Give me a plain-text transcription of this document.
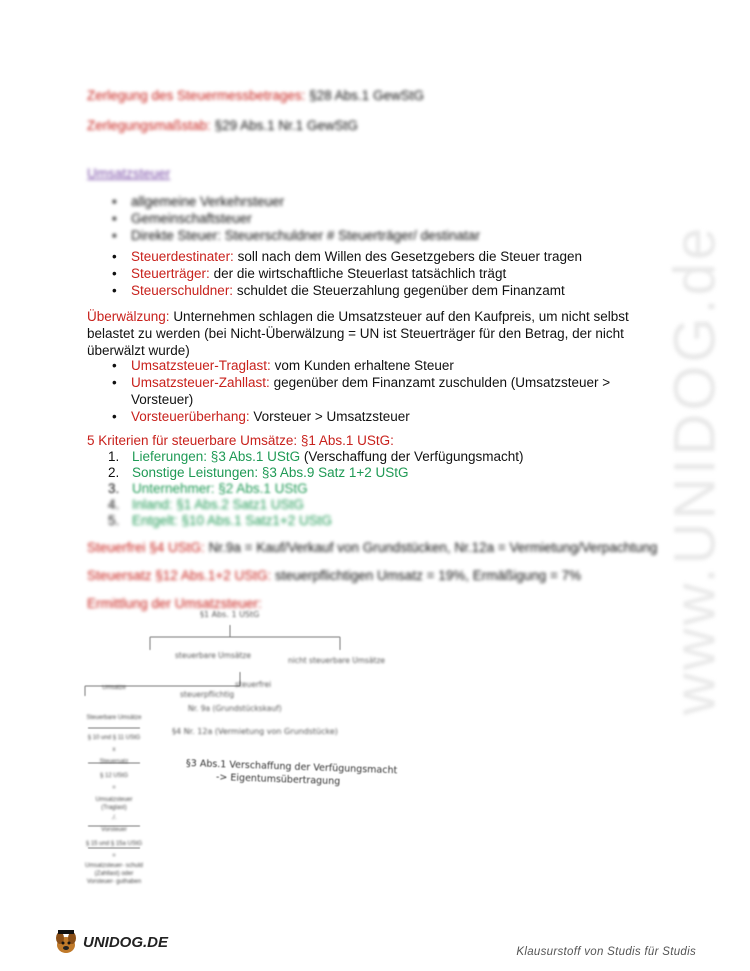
Zerlegung des Steuermessbetrages: §28 Abs.1 GewStG
Zerlegungsmaßstab: §29 Abs.1 Nr.1 GewStG
Umsatzsteuer
• allgemeine Verkehrsteuer
• Gemeinschaftsteuer
• Direkte Steuer: Steuerschuldner # Steuerträger/ destinatar
• Steuerdestinater: soll nach dem Willen des Gesetzgebers die Steuer tragen
• Steuerträger: der die wirtschaftliche Steuerlast tatsächlich trägt
• Steuerschuldner: schuldet die Steuerzahlung gegenüber dem Finanzamt
Überwälzung: Unternehmen schlagen die Umsatzsteuer auf den Kaufpreis, um nicht selbst
belastet zu werden (bei Nicht-Überwälzung = UN ist Steuerträger für den Betrag, der nicht
überwälzt wurde)
• Umsatzsteuer-Traglast: vom Kunden erhaltene Steuer
• Umsatzsteuer-Zahllast: gegenüber dem Finanzamt zuschulden (Umsatzsteuer >
Vorsteuer)
• Vorsteuerüberhang: Vorsteuer > Umsatzsteuer
5 Kriterien für steuerbare Umsätze: §1 Abs.1 UStG:
1. Lieferungen: §3 Abs.1 UStG (Verschaffung der Verfügungsmacht)
2. Sonstige Leistungen: §3 Abs.9 Satz 1+2 UStG
3. Unternehmer: §2 Abs.1 UStG
4. Inland: §1 Abs.2 Satz1 UStG
5. Entgelt: §10 Abs.1 Satz1+2 UStG
Steuerfrei §4 UStG: Nr.9a = Kauf/Verkauf von Grundstücken, Nr.12a = Vermietung/Verpachtung
Steuersatz §12 Abs.1+2 UStG: steuerpflichtigen Umsatz = 19%, Ermäßigung = 7%
Ermittlung der Umsatzsteuer:
§1 Abs. 1 UStG
steuerbare Umsätze
nicht steuerbare Umsätze
steuerfrei
steuerpflichtig
Nr. 9a (Grundstückskauf)
§4 Nr. 12a (Vermietung von Grundstücke)
§3 Abs.1 Verschaffung der Verfügungsmacht
-> Eigentumsübertragung
Umsätze
Steuerbare Umsätze
§ 10 und § 11 UStG
x
Steuersatz
§ 12 UStG
=
Umsatzsteuer (Traglast)
./.
Vorsteuer
§ 15 und § 15a UStG
=
Umsatzsteuer- schuld (Zahllast) oder Vorsteuer- guthaben
www.UNIDOG.de
UNIDOG.DE
Klausurstoff von Studis für Studis
